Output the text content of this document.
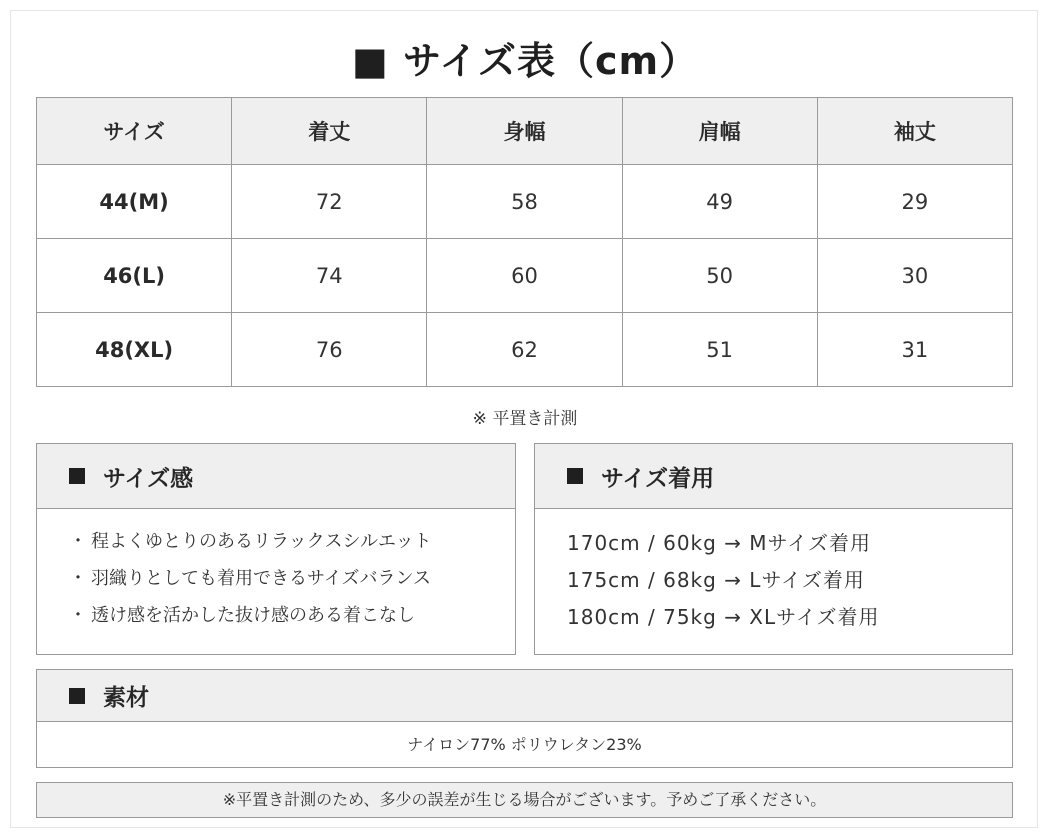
■ サイズ表（cm）
サイズ	着丈	身幅	肩幅	袖丈
44(M)	72	58	49	29
46(L)	74	60	50	30
48(XL)	76	62	51	31
※ 平置き計測
サイズ感
・ 程よくゆとりのあるリラックスシルエット
・ 羽織りとしても着用できるサイズバランス
・ 透け感を活かした抜け感のある着こなし
サイズ着用
170cm / 60kg → Mサイズ着用
175cm / 68kg → Lサイズ着用
180cm / 75kg → XLサイズ着用
素材
ナイロン77% ポリウレタン23%
※平置き計測のため、多少の誤差が生じる場合がございます。予めご了承ください。
